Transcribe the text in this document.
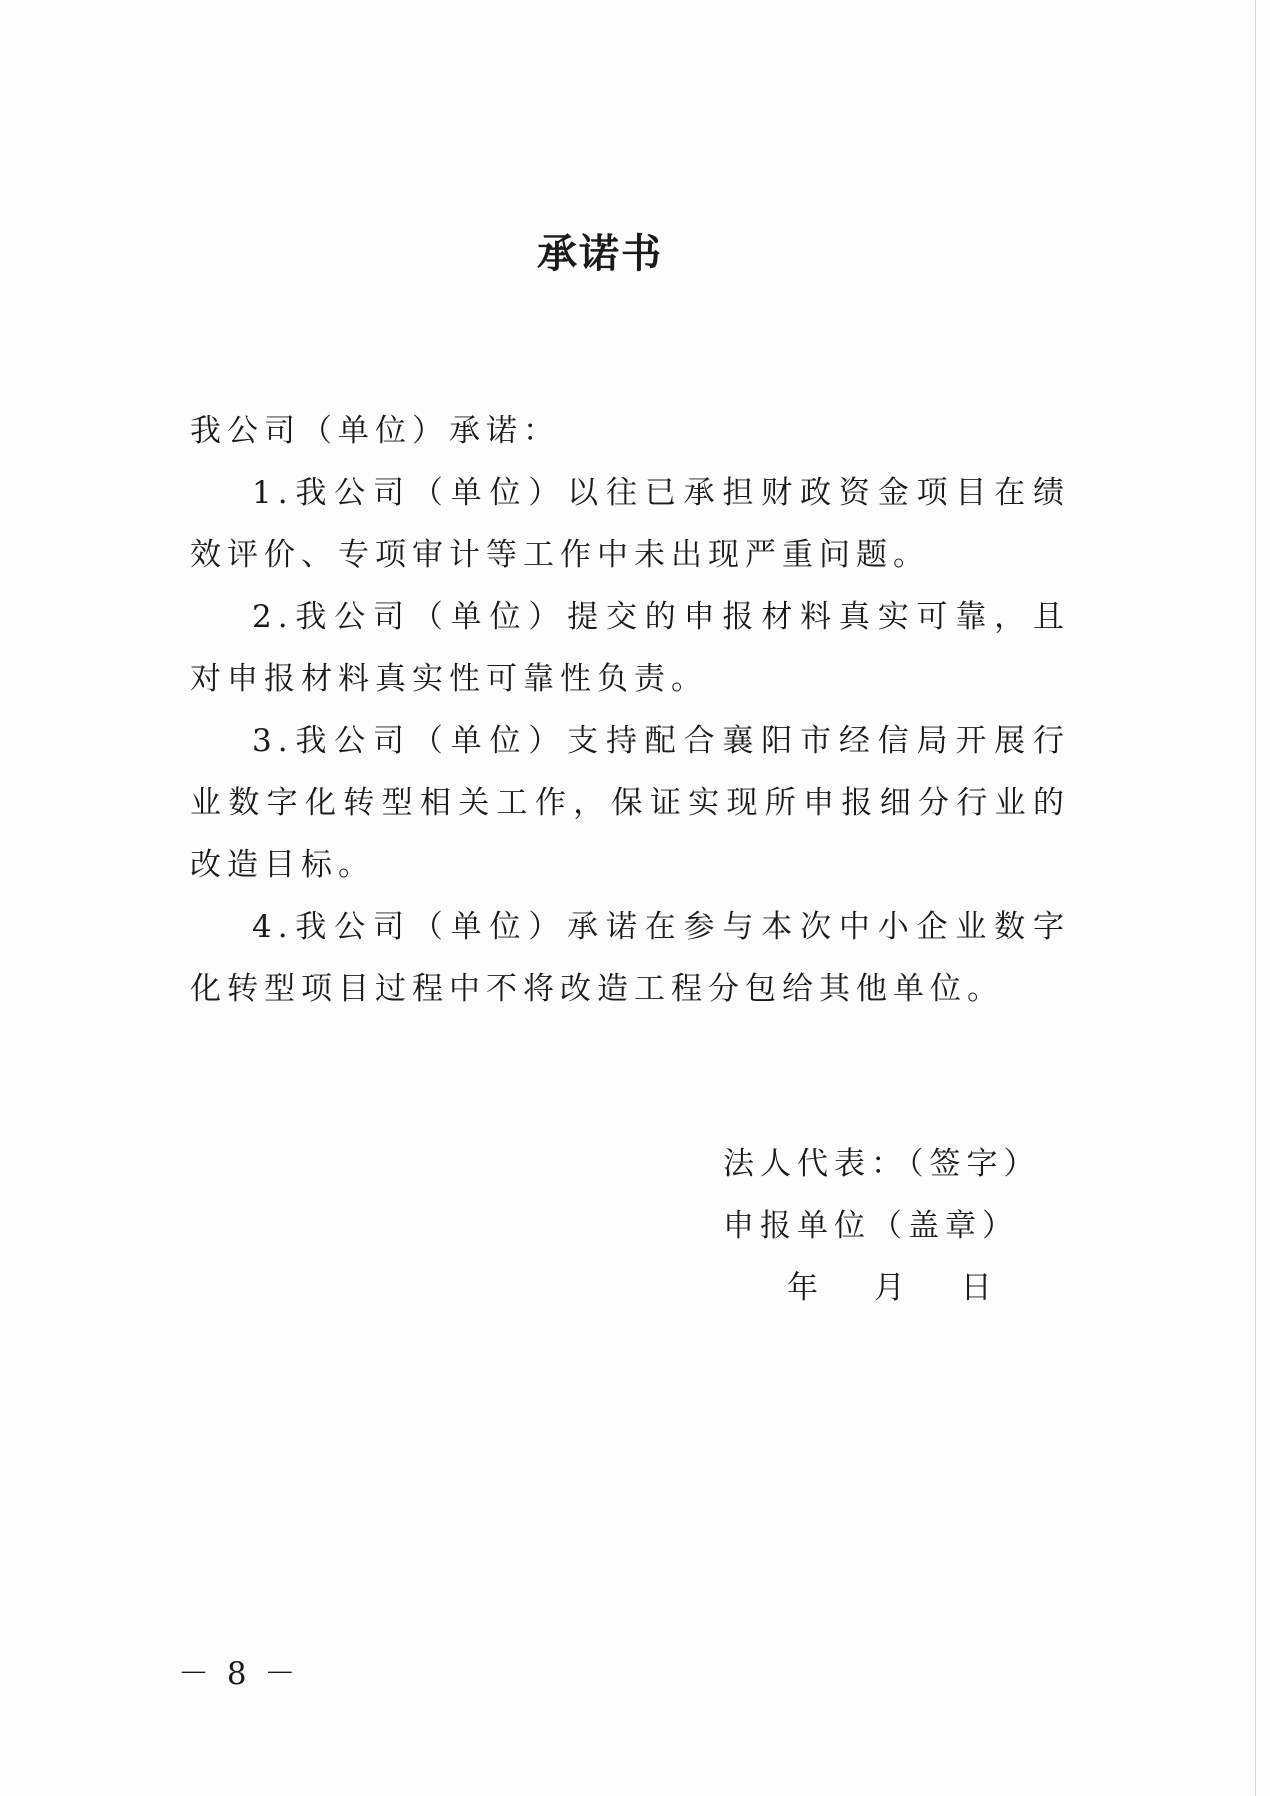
承诺书
我公司（单位）承诺：

1.我公司（单位）以往已承担财政资金项目在绩效评价、专项审计等工作中未出现严重问题。

2.我公司（单位）提交的申报材料真实可靠，且对申报材料真实性可靠性负责。

3.我公司（单位）支持配合襄阳市经信局开展行业数字化转型相关工作，保证实现所申报细分行业的改造目标。

4.我公司（单位）承诺在参与本次中小企业数字化转型项目过程中不将改造工程分包给其他单位。

法人代表：（签字）
申报单位（盖章）
年 月 日
－ 8 －
